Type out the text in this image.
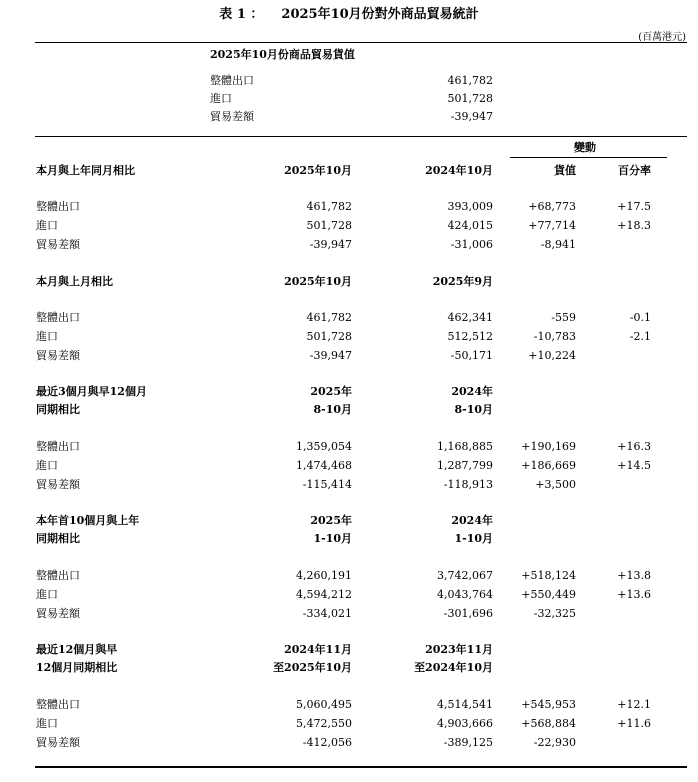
表 1 ： 2025年10月份對外商品貿易統計
(百萬港元)
2025年10月份商品貿易貨值
整體出口	461,782
進口	501,728
貿易差額	-39,947
變動
本月與上年同月相比	2025年10月	2024年10月	貨值	百分率
整體出口	461,782	393,009	+68,773	+17.5
進口	501,728	424,015	+77,714	+18.3
貿易差額	-39,947	-31,006	-8,941
本月與上月相比	2025年10月	2025年9月
整體出口	461,782	462,341	-559	-0.1
進口	501,728	512,512	-10,783	-2.1
貿易差額	-39,947	-50,171	+10,224
最近3個月與早12個月
同期相比
2025年	2024年
8-10月	8-10月
整體出口	1,359,054	1,168,885	+190,169	+16.3
進口	1,474,468	1,287,799	+186,669	+14.5
貿易差額	-115,414	-118,913	+3,500
本年首10個月與上年
同期相比
2025年	2024年
1-10月	1-10月
整體出口	4,260,191	3,742,067	+518,124	+13.8
進口	4,594,212	4,043,764	+550,449	+13.6
貿易差額	-334,021	-301,696	-32,325
最近12個月與早
12個月同期相比
2024年11月	2023年11月
至2025年10月	至2024年10月
整體出口	5,060,495	4,514,541	+545,953	+12.1
進口	5,472,550	4,903,666	+568,884	+11.6
貿易差額	-412,056	-389,125	-22,930
